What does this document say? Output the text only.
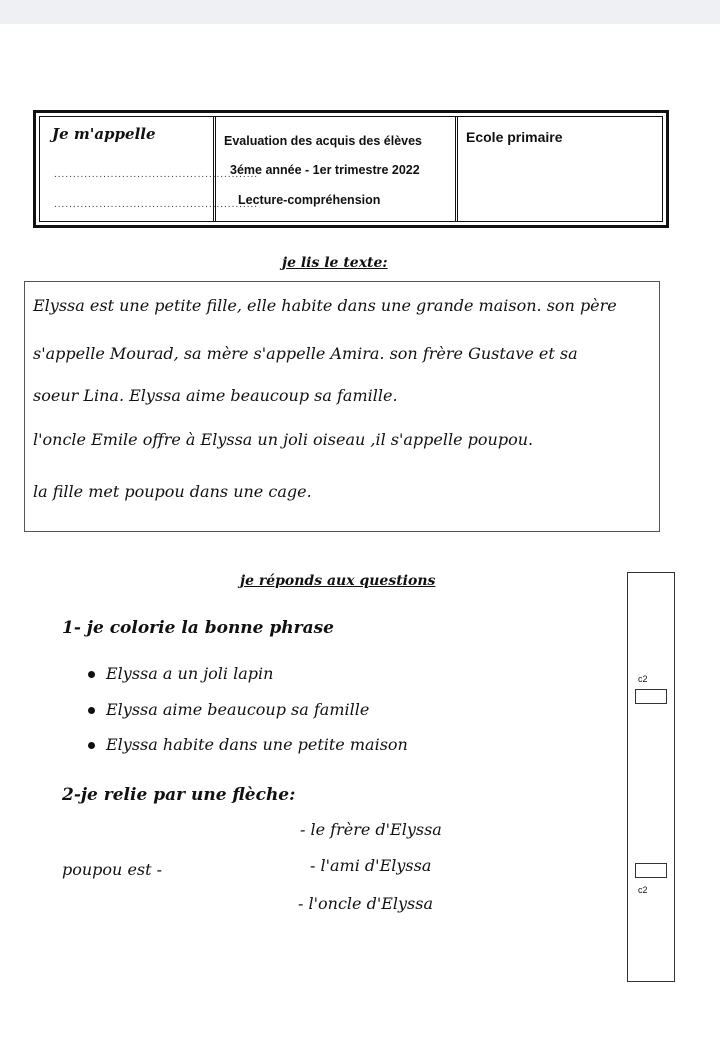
Je m'appelle
......................................................
......................................................
Evaluation des acquis des élèves
3éme année - 1er trimestre 2022
Lecture-compréhension
Ecole primaire
je lis le texte:
Elyssa est une petite fille, elle habite dans une grande maison. son père
s'appelle Mourad, sa mère s'appelle Amira. son frère Gustave et sa
soeur Lina. Elyssa aime beaucoup sa famille.
l'oncle Emile offre à Elyssa un joli oiseau ,il s'appelle poupou.
la fille met poupou dans une cage.
je réponds aux questions
1- je colorie la bonne phrase
Elyssa a un joli lapin
Elyssa aime beaucoup sa famille
Elyssa habite dans une petite maison
2-je relie par une flèche:
- le frère d'Elyssa
poupou est -	- l'ami d'Elyssa
- l'oncle d'Elyssa
c2
c2
